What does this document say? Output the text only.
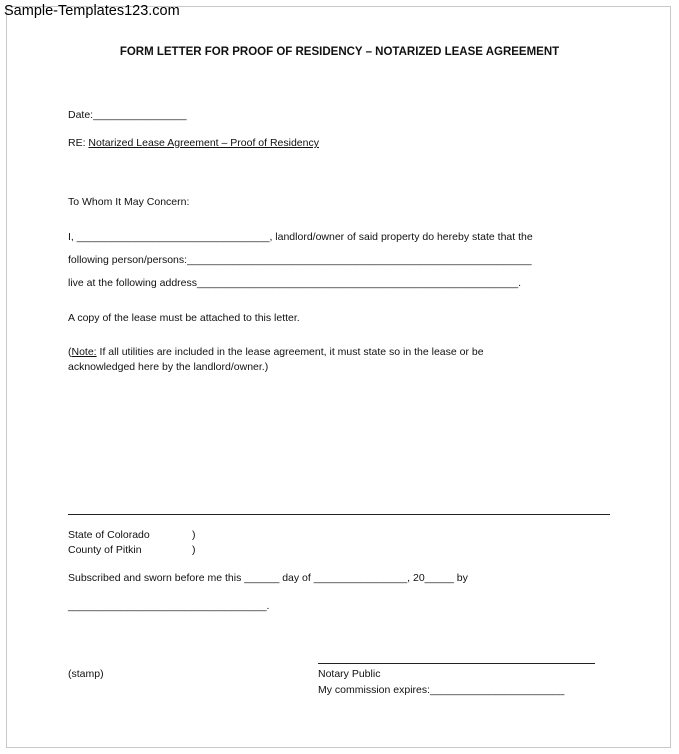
Sample-Templates123.com
FORM LETTER FOR PROOF OF RESIDENCY – NOTARIZED LEASE AGREEMENT
Date:________________
RE: Notarized Lease Agreement – Proof of Residency
To Whom It May Concern:
I, _________________________________, landlord/owner of said property do hereby state that the
following person/persons:___________________________________________________________
live at the following address_______________________________________________________.
A copy of the lease must be attached to this letter.
(Note: If all utilities are included in the lease agreement, it must state so in the lease or be
acknowledged here by the landlord/owner.)
State of Colorado	)
County of Pitkin	)
Subscribed and sworn before me this ______ day of ________________, 20_____ by
__________________________________.
(stamp)	Notary Public
My commission expires:_______________________
